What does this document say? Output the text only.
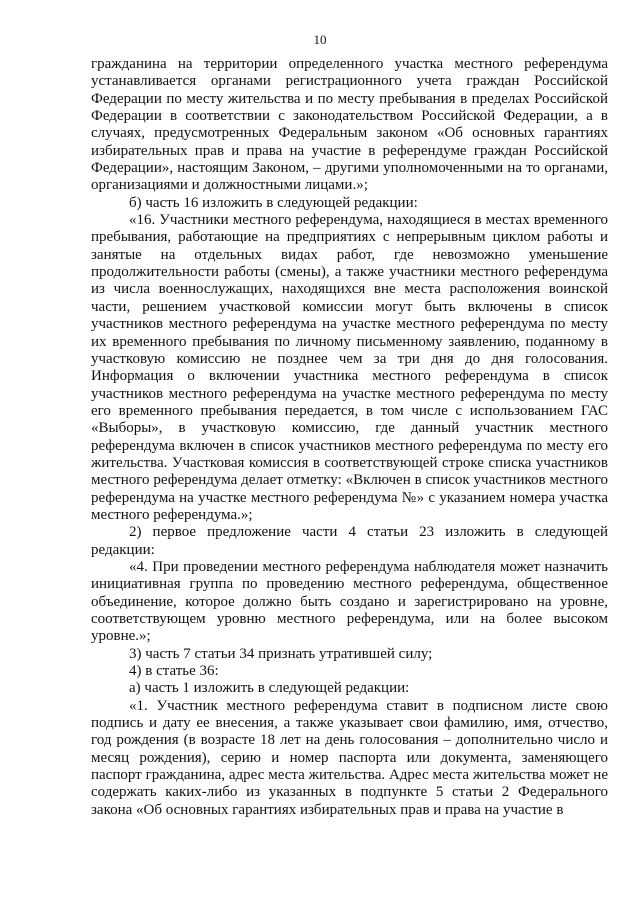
10

гражданина на территории определенного участка местного референдума устанавливается органами регистрационного учета граждан Российской Федерации по месту жительства и по месту пребывания в пределах Российской Федерации в соответствии с законодательством Российской Федерации, а в случаях, предусмотренных Федеральным законом «Об основных гарантиях избирательных прав и права на участие в референдуме граждан Российской Федерации», настоящим Законом, – другими уполномоченными на то органами, организациями и должностными лицами.»;

б) часть 16 изложить в следующей редакции:

«16. Участники местного референдума, находящиеся в местах временного пребывания, работающие на предприятиях с непрерывным циклом работы и занятые на отдельных видах работ, где невозможно уменьшение продолжительности работы (смены), а также участники местного референдума из числа военнослужащих, находящихся вне места расположения воинской части, решением участковой комиссии могут быть включены в список участников местного референдума на участке местного референдума по месту их временного пребывания по личному письменному заявлению, поданному в участковую комиссию не позднее чем за три дня до дня голосования. Информация о включении участника местного референдума в список участников местного референдума на участке местного референдума по месту его временного пребывания передается, в том числе с использованием ГАС «Выборы», в участковую комиссию, где данный участник местного референдума включен в список участников местного референдума по месту его жительства. Участковая комиссия в соответствующей строке списка участников местного референдума делает отметку: «Включен в список участников местного референдума на участке местного референдума №» с указанием номера участка местного референдума.»;

2) первое предложение части 4 статьи 23 изложить в следующей редакции:

«4. При проведении местного референдума наблюдателя может назначить инициативная группа по проведению местного референдума, общественное объединение, которое должно быть создано и зарегистрировано на уровне, соответствующем уровню местного референдума, или на более высоком уровне.»;

3) часть 7 статьи 34 признать утратившей силу;

4) в статье 36:

а) часть 1 изложить в следующей редакции:

«1. Участник местного референдума ставит в подписном листе свою подпись и дату ее внесения, а также указывает свои фамилию, имя, отчество, год рождения (в возрасте 18 лет на день голосования – дополнительно число и месяц рождения), серию и номер паспорта или документа, заменяющего паспорт гражданина, адрес места жительства. Адрес места жительства может не содержать каких-либо из указанных в подпункте 5 статьи 2 Федерального закона «Об основных гарантиях избирательных прав и права на участие в
